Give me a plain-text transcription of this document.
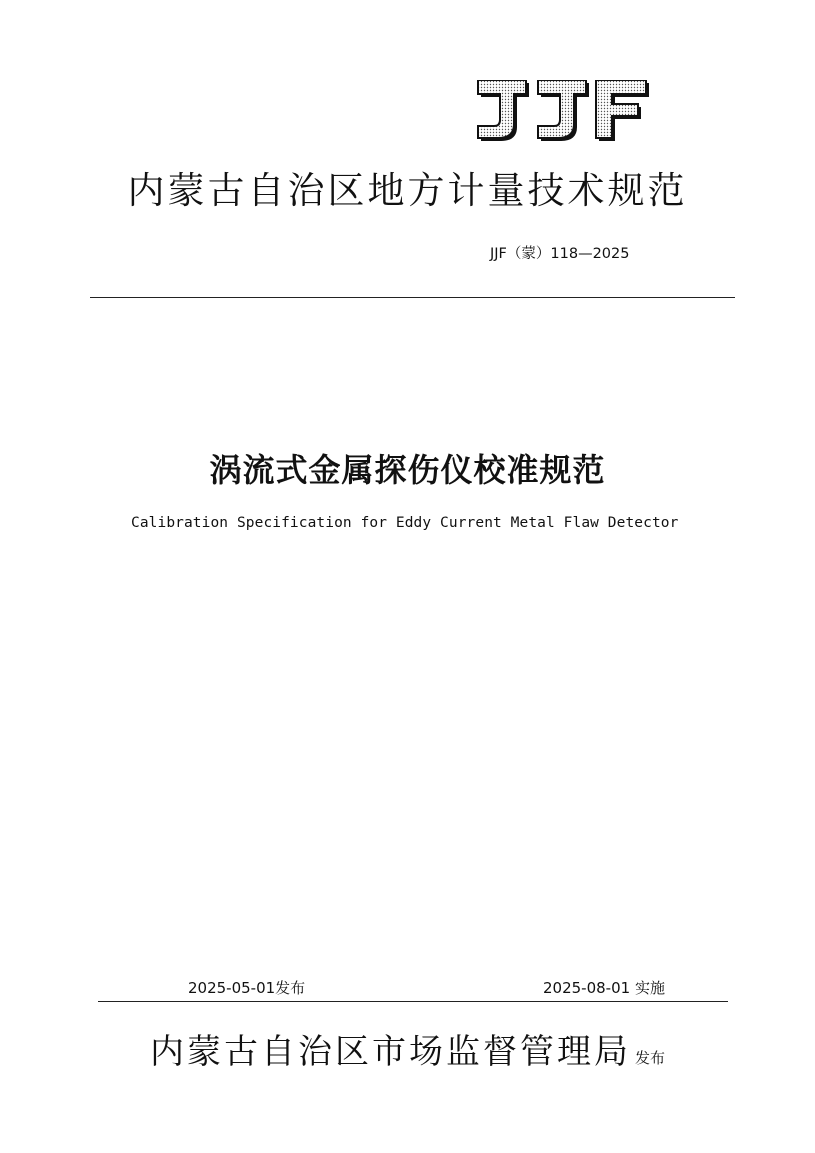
内蒙古自治区地方计量技术规范
JJF（蒙）118—2025
涡流式金属探伤仪校准规范
Calibration Specification for Eddy Current Metal Flaw Detector
2025-05-01发布	2025-08-01 实施
内蒙古自治区市场监督管理局 发布
